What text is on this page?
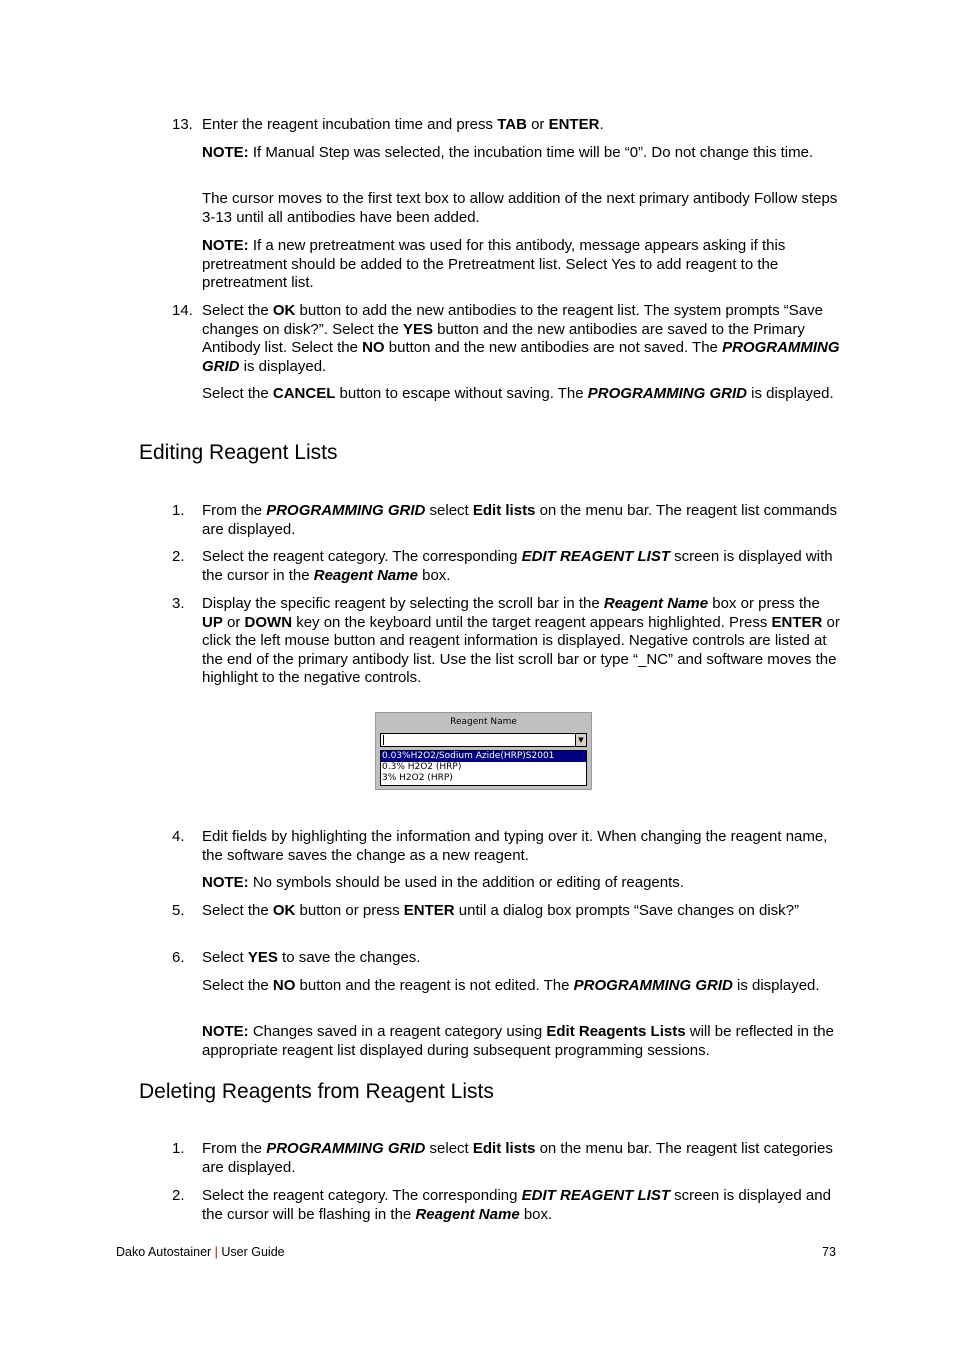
13. Enter the reagent incubation time and press TAB or ENTER.

NOTE: If Manual Step was selected, the incubation time will be “0”. Do not change this time.

The cursor moves to the first text box to allow addition of the next primary antibody Follow steps 3-13 until all antibodies have been added.

NOTE: If a new pretreatment was used for this antibody, message appears asking if this pretreatment should be added to the Pretreatment list. Select Yes to add reagent to the pretreatment list.

14. Select the OK button to add the new antibodies to the reagent list. The system prompts “Save changes on disk?”. Select the YES button and the new antibodies are saved to the Primary Antibody list. Select the NO button and the new antibodies are not saved. The PROGRAMMING GRID is displayed.

Select the CANCEL button to escape without saving. The PROGRAMMING GRID is displayed.

Editing Reagent Lists

1. From the PROGRAMMING GRID select Edit lists on the menu bar. The reagent list commands are displayed.

2. Select the reagent category. The corresponding EDIT REAGENT LIST screen is displayed with the cursor in the Reagent Name box.

3. Display the specific reagent by selecting the scroll bar in the Reagent Name box or press the UP or DOWN key on the keyboard until the target reagent appears highlighted. Press ENTER or click the left mouse button and reagent information is displayed. Negative controls are listed at the end of the primary antibody list. Use the list scroll bar or type “_NC” and software moves the highlight to the negative controls.

Reagent Name
▼
0.03%H2O2/Sodium Azide(HRP)S2001
0.3% H2O2 (HRP)
3% H2O2 (HRP)

4. Edit fields by highlighting the information and typing over it. When changing the reagent name, the software saves the change as a new reagent.

NOTE: No symbols should be used in the addition or editing of reagents.

5. Select the OK button or press ENTER until a dialog box prompts “Save changes on disk?”

6. Select YES to save the changes.

Select the NO button and the reagent is not edited. The PROGRAMMING GRID is displayed.

NOTE: Changes saved in a reagent category using Edit Reagents Lists will be reflected in the appropriate reagent list displayed during subsequent programming sessions.

Deleting Reagents from Reagent Lists

1. From the PROGRAMMING GRID select Edit lists on the menu bar. The reagent list categories are displayed.

2. Select the reagent category. The corresponding EDIT REAGENT LIST screen is displayed and the cursor will be flashing in the Reagent Name box.

Dako Autostainer | User Guide	73
